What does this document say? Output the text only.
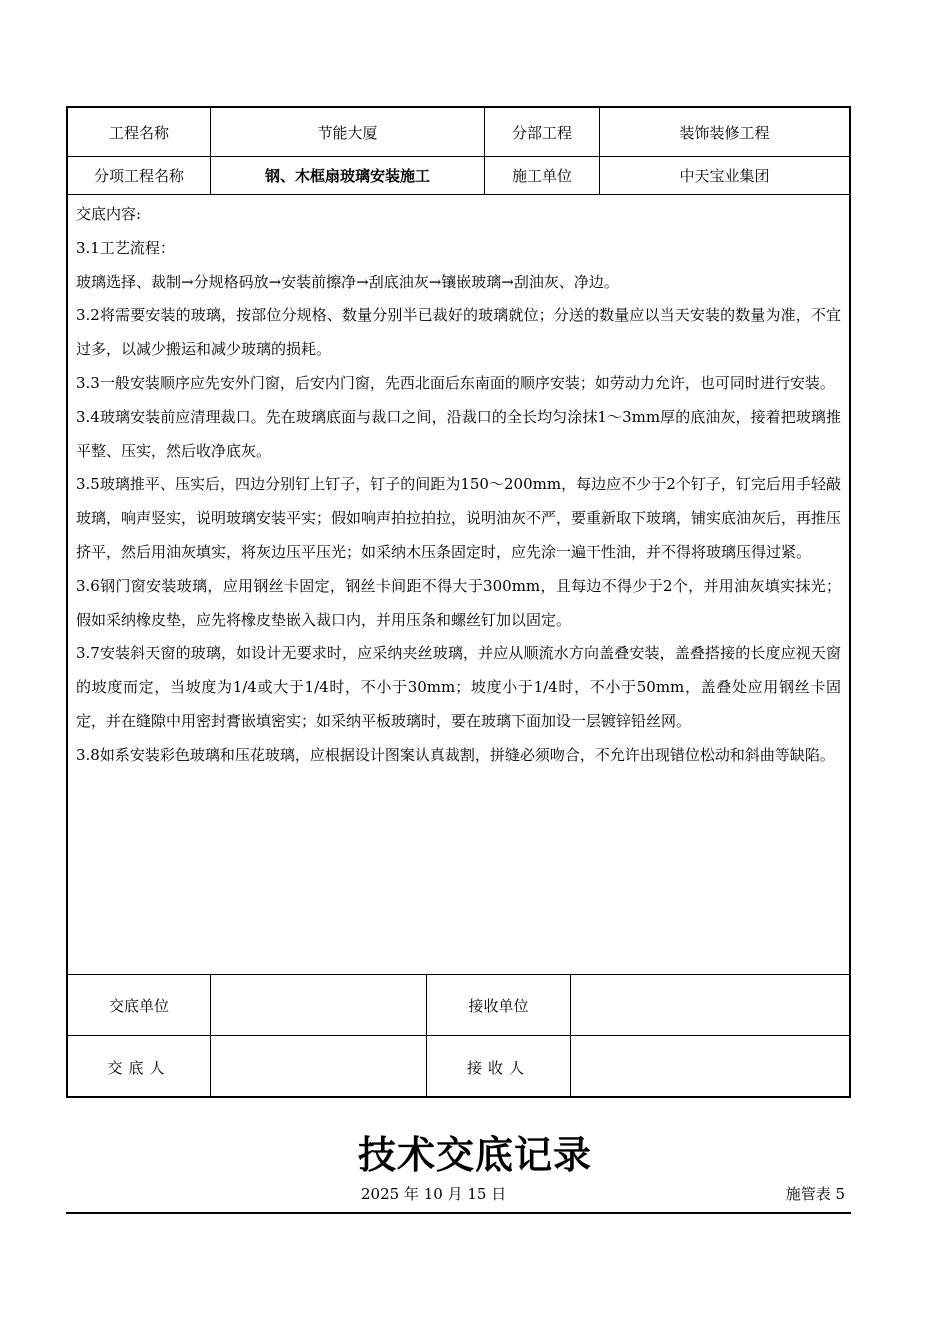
工程名称	节能大厦	分部工程	装饰装修工程
分项工程名称	钢、木框扇玻璃安装施工	施工单位	中天宝业集团

交底内容:

3.1工艺流程：

玻璃选择、裁制→分规格码放→安装前擦净→刮底油灰→镶嵌玻璃→刮油灰、净边。

3.2将需要安装的玻璃，按部位分规格、数量分别半已裁好的玻璃就位；分送的数量应以当天安装的数量为准，不宜过多，以减少搬运和减少玻璃的损耗。

3.3一般安装顺序应先安外门窗，后安内门窗，先西北面后东南面的顺序安装；如劳动力允许，也可同时进行安装。

3.4玻璃安装前应清理裁口。先在玻璃底面与裁口之间，沿裁口的全长均匀涂抹1～3mm厚的底油灰，接着把玻璃推平整、压实，然后收净底灰。

3.5玻璃推平、压实后，四边分别钉上钉子，钉子的间距为150～200mm，每边应不少于2个钉子，钉完后用手轻敲玻璃，响声竖实，说明玻璃安装平实；假如响声拍拉拍拉，说明油灰不严，要重新取下玻璃，铺实底油灰后，再推压挤平，然后用油灰填实，将灰边压平压光；如采纳木压条固定时，应先涂一遍干性油，并不得将玻璃压得过紧。

3.6钢门窗安装玻璃，应用钢丝卡固定，钢丝卡间距不得大于300mm，且每边不得少于2个，并用油灰填实抹光；假如采纳橡皮垫，应先将橡皮垫嵌入裁口内，并用压条和螺丝钉加以固定。

3.7安装斜天窗的玻璃，如设计无要求时，应采纳夹丝玻璃，并应从顺流水方向盖叠安装，盖叠搭接的长度应视天窗的坡度而定，当坡度为1/4或大于1/4时，不小于30mm；坡度小于1/4时，不小于50mm，盖叠处应用钢丝卡固定，并在缝隙中用密封膏嵌填密实；如采纳平板玻璃时，要在玻璃下面加设一层镀锌铅丝网。

3.8如系安装彩色玻璃和压花玻璃，应根据设计图案认真裁割，拼缝必须吻合，不允许出现错位松动和斜曲等缺陷。

交底单位	接收单位
交底人	接收人
技术交底记录
2025 年 10 月 15 日	施管表 5
